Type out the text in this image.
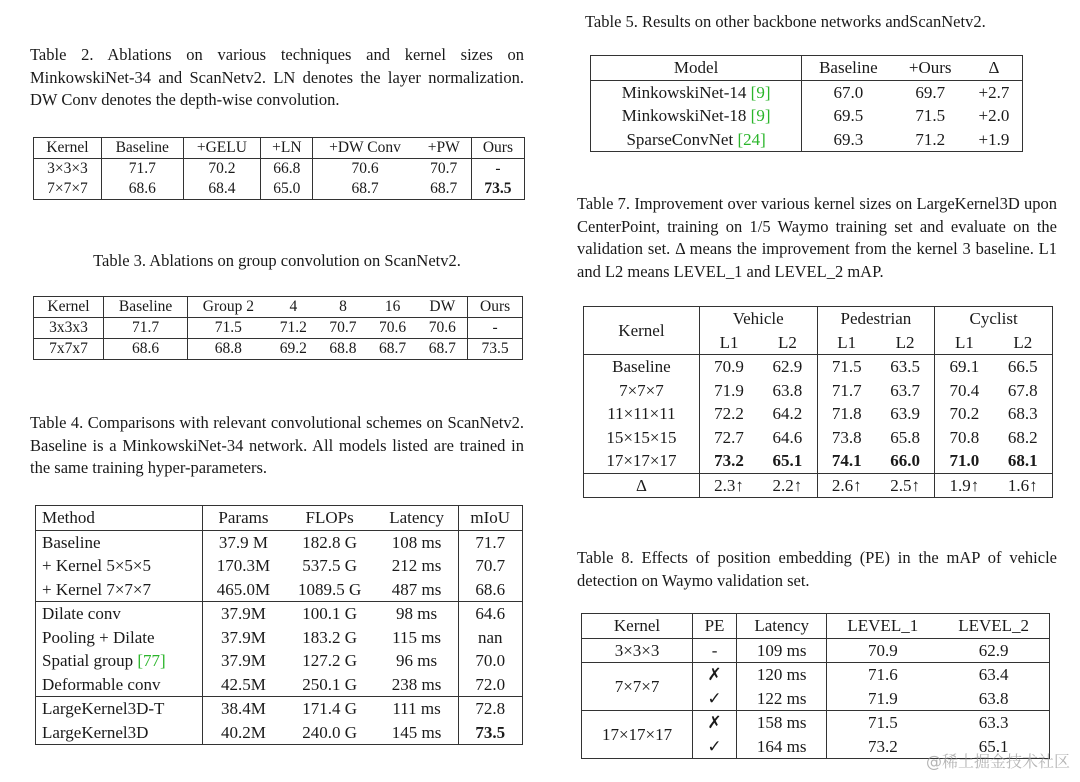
Table 2. Ablations on various techniques and kernel sizes on MinkowskiNet-34 and ScanNetv2. LN denotes the layer normalization. DW Conv denotes the depth-wise convolution.
Kernel	Baseline	+GELU	+LN	+DW Conv	+PW	Ours
3×3×3	71.7	70.2	66.8	70.6	70.7	-
7×7×7	68.6	68.4	65.0	68.7	68.7	73.5
Table 3. Ablations on group convolution on ScanNetv2.
Kernel	Baseline	Group 2	4	8	16	DW	Ours
3x3x3	71.7	71.5	71.2	70.7	70.6	70.6	-
7x7x7	68.6	68.8	69.2	68.8	68.7	68.7	73.5
Table 4. Comparisons with relevant convolutional schemes on ScanNetv2. Baseline is a MinkowskiNet-34 network. All models listed are trained in the same training hyper-parameters.
Method	Params	FLOPs	Latency	mIoU
Baseline	37.9 M	182.8 G	108 ms	71.7
+ Kernel 5×5×5	170.3M	537.5 G	212 ms	70.7
+ Kernel 7×7×7	465.0M	1089.5 G	487 ms	68.6
Dilate conv	37.9M	100.1 G	98 ms	64.6
Pooling + Dilate	37.9M	183.2 G	115 ms	nan
Spatial group [77]	37.9M	127.2 G	96 ms	70.0
Deformable conv	42.5M	250.1 G	238 ms	72.0
LargeKernel3D-T	38.4M	171.4 G	111 ms	72.8
LargeKernel3D	40.2M	240.0 G	145 ms	73.5
Table 5. Results on other backbone networks andScanNetv2.
Model	Baseline	+Ours	Δ
MinkowskiNet-14 [9]	67.0	69.7	+2.7
MinkowskiNet-18 [9]	69.5	71.5	+2.0
SparseConvNet [24]	69.3	71.2	+1.9
Table 7. Improvement over various kernel sizes on LargeKernel3D upon CenterPoint, training on 1/5 Waymo training set and evaluate on the validation set. Δ means the improvement from the kernel 3 baseline. L1 and L2 means LEVEL_1 and LEVEL_2 mAP.
Kernel	Vehicle		Pedestrian		Cyclist	
	L1	L2	L1	L2	L1	L2
Baseline	70.9	62.9	71.5	63.5	69.1	66.5
7×7×7	71.9	63.8	71.7	63.7	70.4	67.8
11×11×11	72.2	64.2	71.8	63.9	70.2	68.3
15×15×15	72.7	64.6	73.8	65.8	70.8	68.2
17×17×17	73.2	65.1	74.1	66.0	71.0	68.1
Δ	2.3↑	2.2↑	2.6↑	2.5↑	1.9↑	1.6↑
Table 8. Effects of position embedding (PE) in the mAP of vehicle detection on Waymo validation set.
Kernel	PE	Latency	LEVEL_1	LEVEL_2
3×3×3	-	109 ms	70.9	62.9
7×7×7	✗	120 ms	71.6	63.4
	✓	122 ms	71.9	63.8
17×17×17	✗	158 ms	71.5	63.3
	✓	164 ms	73.2	65.1
@稀土掘金技术社区
